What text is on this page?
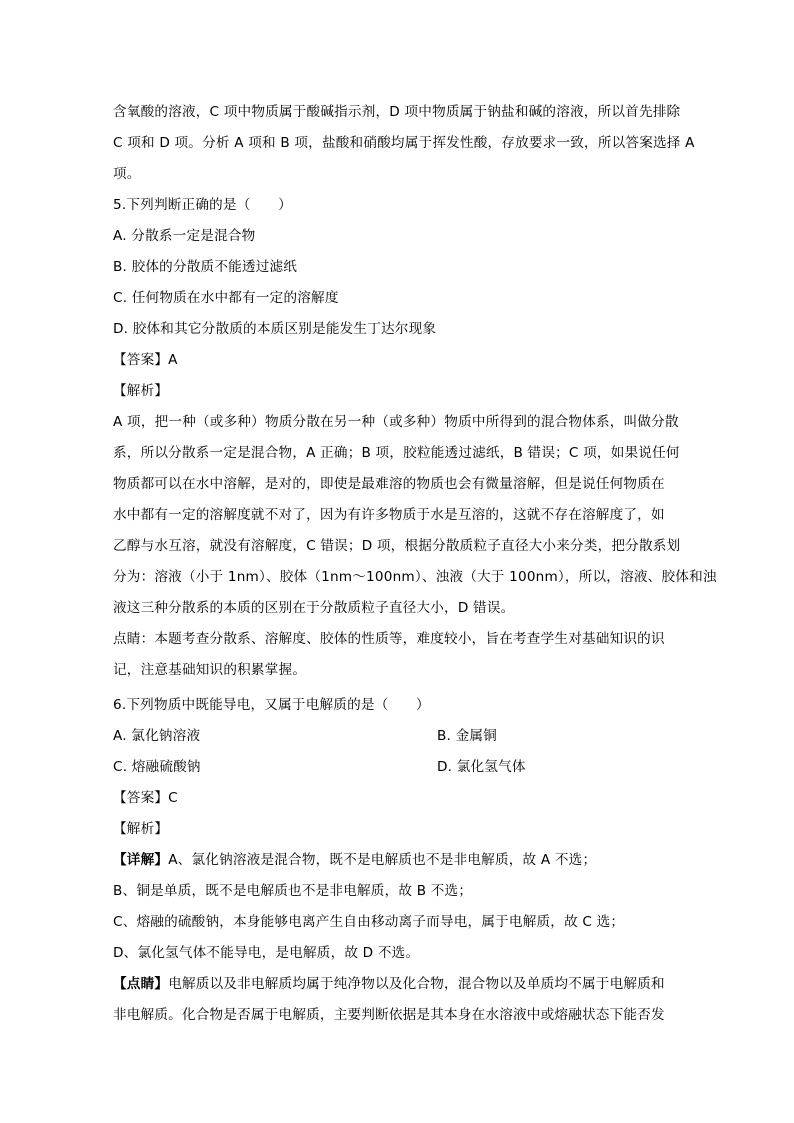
含氧酸的溶液，C 项中物质属于酸碱指示剂，D 项中物质属于钠盐和碱的溶液，所以首先排除
C 项和 D 项。分析 A 项和 B 项，盐酸和硝酸均属于挥发性酸，存放要求一致，所以答案选择 A
项。
5.下列判断正确的是（　　）
A. 分散系一定是混合物
B. 胶体的分散质不能透过滤纸
C. 任何物质在水中都有一定的溶解度
D. 胶体和其它分散质的本质区别是能发生丁达尔现象
【答案】A
【解析】
A 项，把一种（或多种）物质分散在另一种（或多种）物质中所得到的混合物体系，叫做分散
系，所以分散系一定是混合物，A 正确；B 项，胶粒能透过滤纸，B 错误；C 项，如果说任何
物质都可以在水中溶解，是对的，即使是最难溶的物质也会有微量溶解，但是说任何物质在
水中都有一定的溶解度就不对了，因为有许多物质于水是互溶的，这就不存在溶解度了，如
乙醇与水互溶，就没有溶解度，C 错误；D 项，根据分散质粒子直径大小来分类，把分散系划
分为：溶液（小于 1nm）、胶体（1nm～100nm）、浊液（大于 100nm），所以，溶液、胶体和浊
液这三种分散系的本质的区别在于分散质粒子直径大小，D 错误。
点睛：本题考查分散系、溶解度、胶体的性质等，难度较小，旨在考查学生对基础知识的识
记，注意基础知识的积累掌握。
6.下列物质中既能导电，又属于电解质的是（　　）
A. 氯化钠溶液	B. 金属铜
C. 熔融硫酸钠	D. 氯化氢气体
【答案】C
【解析】
【详解】A、氯化钠溶液是混合物，既不是电解质也不是非电解质，故 A 不选；
B、铜是单质，既不是电解质也不是非电解质，故 B 不选；
C、熔融的硫酸钠，本身能够电离产生自由移动离子而导电，属于电解质，故 C 选；
D、氯化氢气体不能导电，是电解质，故 D 不选。
【点睛】电解质以及非电解质均属于纯净物以及化合物，混合物以及单质均不属于电解质和
非电解质。化合物是否属于电解质，主要判断依据是其本身在水溶液中或熔融状态下能否发
